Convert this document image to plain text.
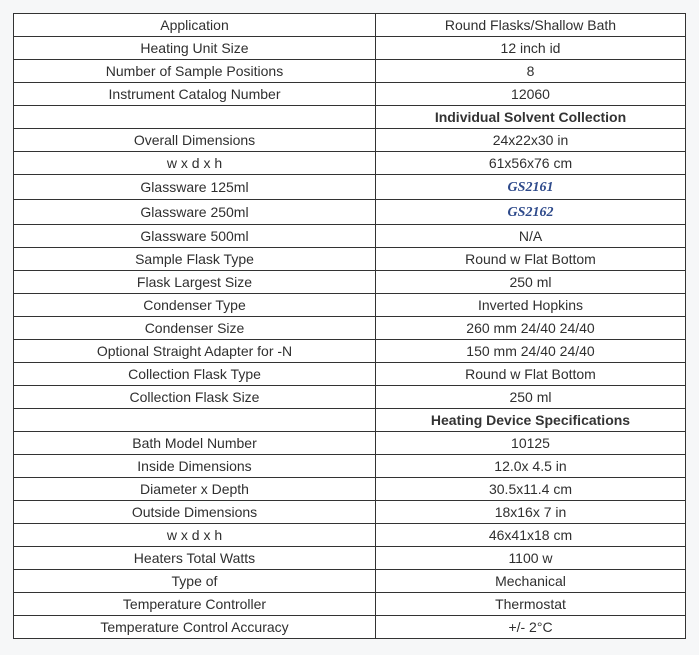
Application	Round Flasks/Shallow Bath
Heating Unit Size	12 inch id
Number of Sample Positions	8
Instrument Catalog Number	12060
	Individual Solvent Collection
Overall Dimensions	24x22x30 in
w x d x h	61x56x76 cm
Glassware 125ml	GS2161
Glassware 250ml	GS2162
Glassware 500ml	N/A
Sample Flask Type	Round w Flat Bottom
Flask Largest Size	250 ml
Condenser Type	Inverted Hopkins
Condenser Size	260 mm 24/40 24/40
Optional Straight Adapter for -N	150 mm 24/40 24/40
Collection Flask Type	Round w Flat Bottom
Collection Flask Size	250 ml
	Heating Device Specifications
Bath Model Number	10125
Inside Dimensions	12.0x 4.5 in
Diameter x Depth	30.5x11.4 cm
Outside Dimensions	18x16x 7 in
w x d x h	46x41x18 cm
Heaters Total Watts	1100 w
Type of	Mechanical
Temperature Controller	Thermostat
Temperature Control Accuracy	+/- 2°C
